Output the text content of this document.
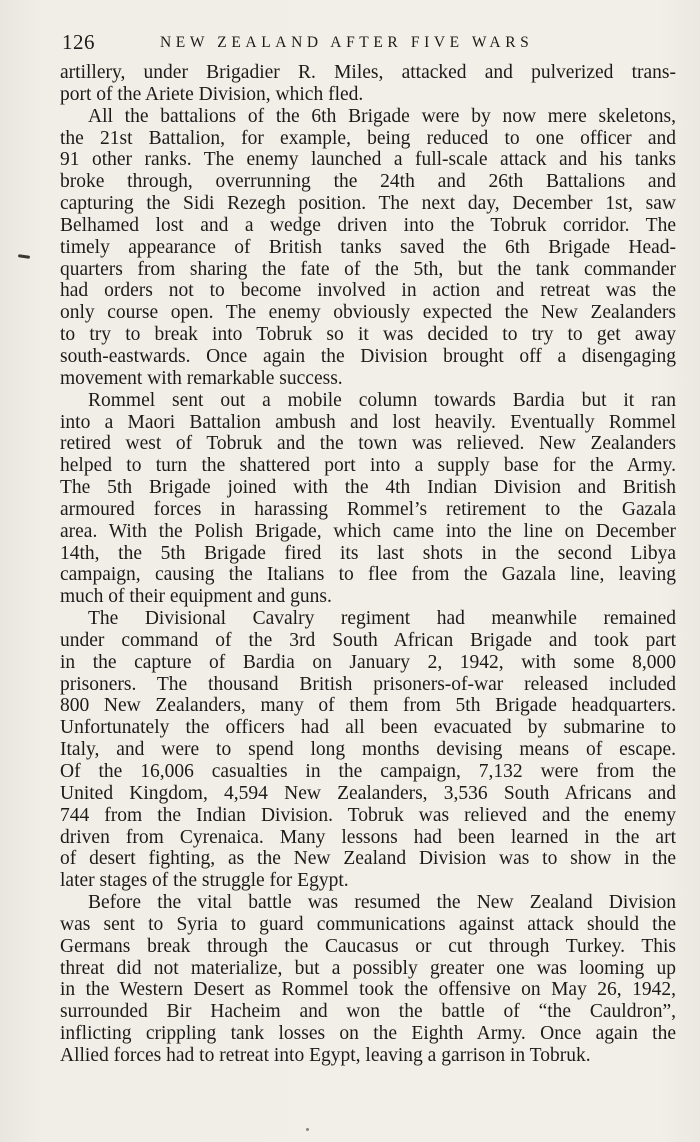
126	NEW ZEALAND AFTER FIVE WARS
artillery, under Brigadier R. Miles, attacked and pulverized trans-
port of the Ariete Division, which fled.
All the battalions of the 6th Brigade were by now mere skeletons,
the 21st Battalion, for example, being reduced to one officer and
91 other ranks. The enemy launched a full-scale attack and his tanks
broke through, overrunning the 24th and 26th Battalions and
capturing the Sidi Rezegh position. The next day, December 1st, saw
Belhamed lost and a wedge driven into the Tobruk corridor. The
timely appearance of British tanks saved the 6th Brigade Head-
quarters from sharing the fate of the 5th, but the tank commander
had orders not to become involved in action and retreat was the
only course open. The enemy obviously expected the New Zealanders
to try to break into Tobruk so it was decided to try to get away
south-eastwards. Once again the Division brought off a disengaging
movement with remarkable success.
Rommel sent out a mobile column towards Bardia but it ran
into a Maori Battalion ambush and lost heavily. Eventually Rommel
retired west of Tobruk and the town was relieved. New Zealanders
helped to turn the shattered port into a supply base for the Army.
The 5th Brigade joined with the 4th Indian Division and British
armoured forces in harassing Rommel’s retirement to the Gazala
area. With the Polish Brigade, which came into the line on December
14th, the 5th Brigade fired its last shots in the second Libya
campaign, causing the Italians to flee from the Gazala line, leaving
much of their equipment and guns.
The Divisional Cavalry regiment had meanwhile remained
under command of the 3rd South African Brigade and took part
in the capture of Bardia on January 2, 1942, with some 8,000
prisoners. The thousand British prisoners-of-war released included
800 New Zealanders, many of them from 5th Brigade headquarters.
Unfortunately the officers had all been evacuated by submarine to
Italy, and were to spend long months devising means of escape.
Of the 16,006 casualties in the campaign, 7,132 were from the
United Kingdom, 4,594 New Zealanders, 3,536 South Africans and
744 from the Indian Division. Tobruk was relieved and the enemy
driven from Cyrenaica. Many lessons had been learned in the art
of desert fighting, as the New Zealand Division was to show in the
later stages of the struggle for Egypt.
Before the vital battle was resumed the New Zealand Division
was sent to Syria to guard communications against attack should the
Germans break through the Caucasus or cut through Turkey. This
threat did not materialize, but a possibly greater one was looming up
in the Western Desert as Rommel took the offensive on May 26, 1942,
surrounded Bir Hacheim and won the battle of “the Cauldron”,
inflicting crippling tank losses on the Eighth Army. Once again the
Allied forces had to retreat into Egypt, leaving a garrison in Tobruk.
